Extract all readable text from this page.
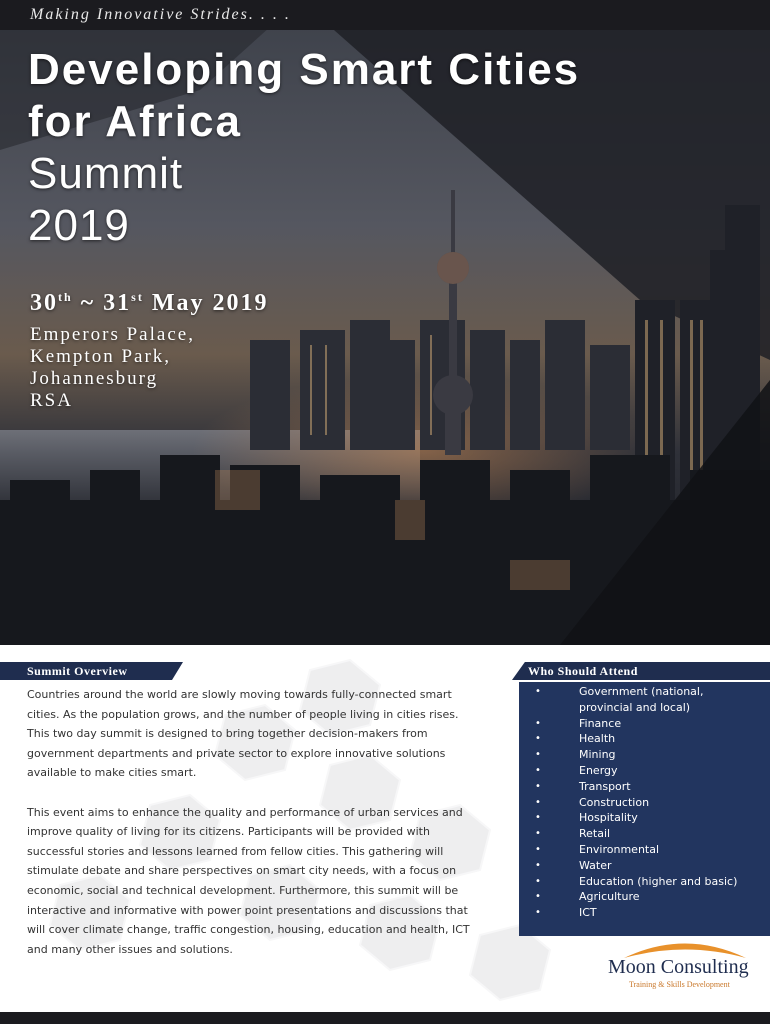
Making Innovative Strides. . . .
Developing Smart Cities
for Africa
Summit
2019
30th ~ 31st May 2019
Emperors Palace,
Kempton Park,
Johannesburg
RSA
Summit Overview

Countries around the world are slowly moving towards fully-connected smart cities. As the population grows, and the number of people living in cities rises. This two day summit is designed to bring together decision-makers from government departments and private sector to explore innovative solutions available to make cities smart.

This event aims to enhance the quality and performance of urban services and improve quality of living for its citizens. Participants will be provided with successful stories and lessons learned from fellow cities. This gathering will stimulate debate and share perspectives on smart city needs, with a focus on economic, social and technical development. Furthermore, this summit will be interactive and informative with power point presentations and discussions that will cover climate change, traffic congestion, housing, education and health, ICT and many other issues and solutions.

Who Should Attend
• Government (national, provincial and local)
• Finance
• Health
• Mining
• Energy
• Transport
• Construction
• Hospitality
• Retail
• Environmental
• Water
• Education (higher and basic)
• Agriculture
• ICT
Moon Consulting
Training & Skills Development
